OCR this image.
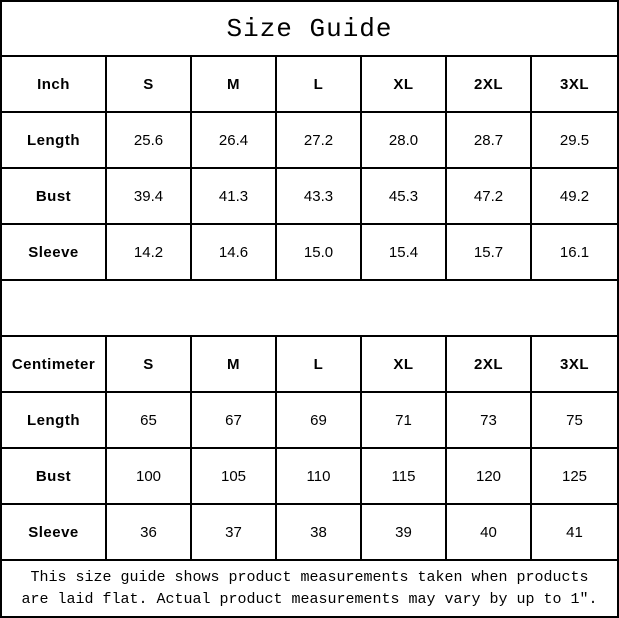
Size Guide
Inch	S	M	L	XL	2XL	3XL
Length	25.6	26.4	27.2	28.0	28.7	29.5
Bust	39.4	41.3	43.3	45.3	47.2	49.2
Sleeve	14.2	14.6	15.0	15.4	15.7	16.1
Centimeter	S	M	L	XL	2XL	3XL
Length	65	67	69	71	73	75
Bust	100	105	110	115	120	125
Sleeve	36	37	38	39	40	41
This size guide shows product measurements taken when products
are laid flat. Actual product measurements may vary by up to 1″.
